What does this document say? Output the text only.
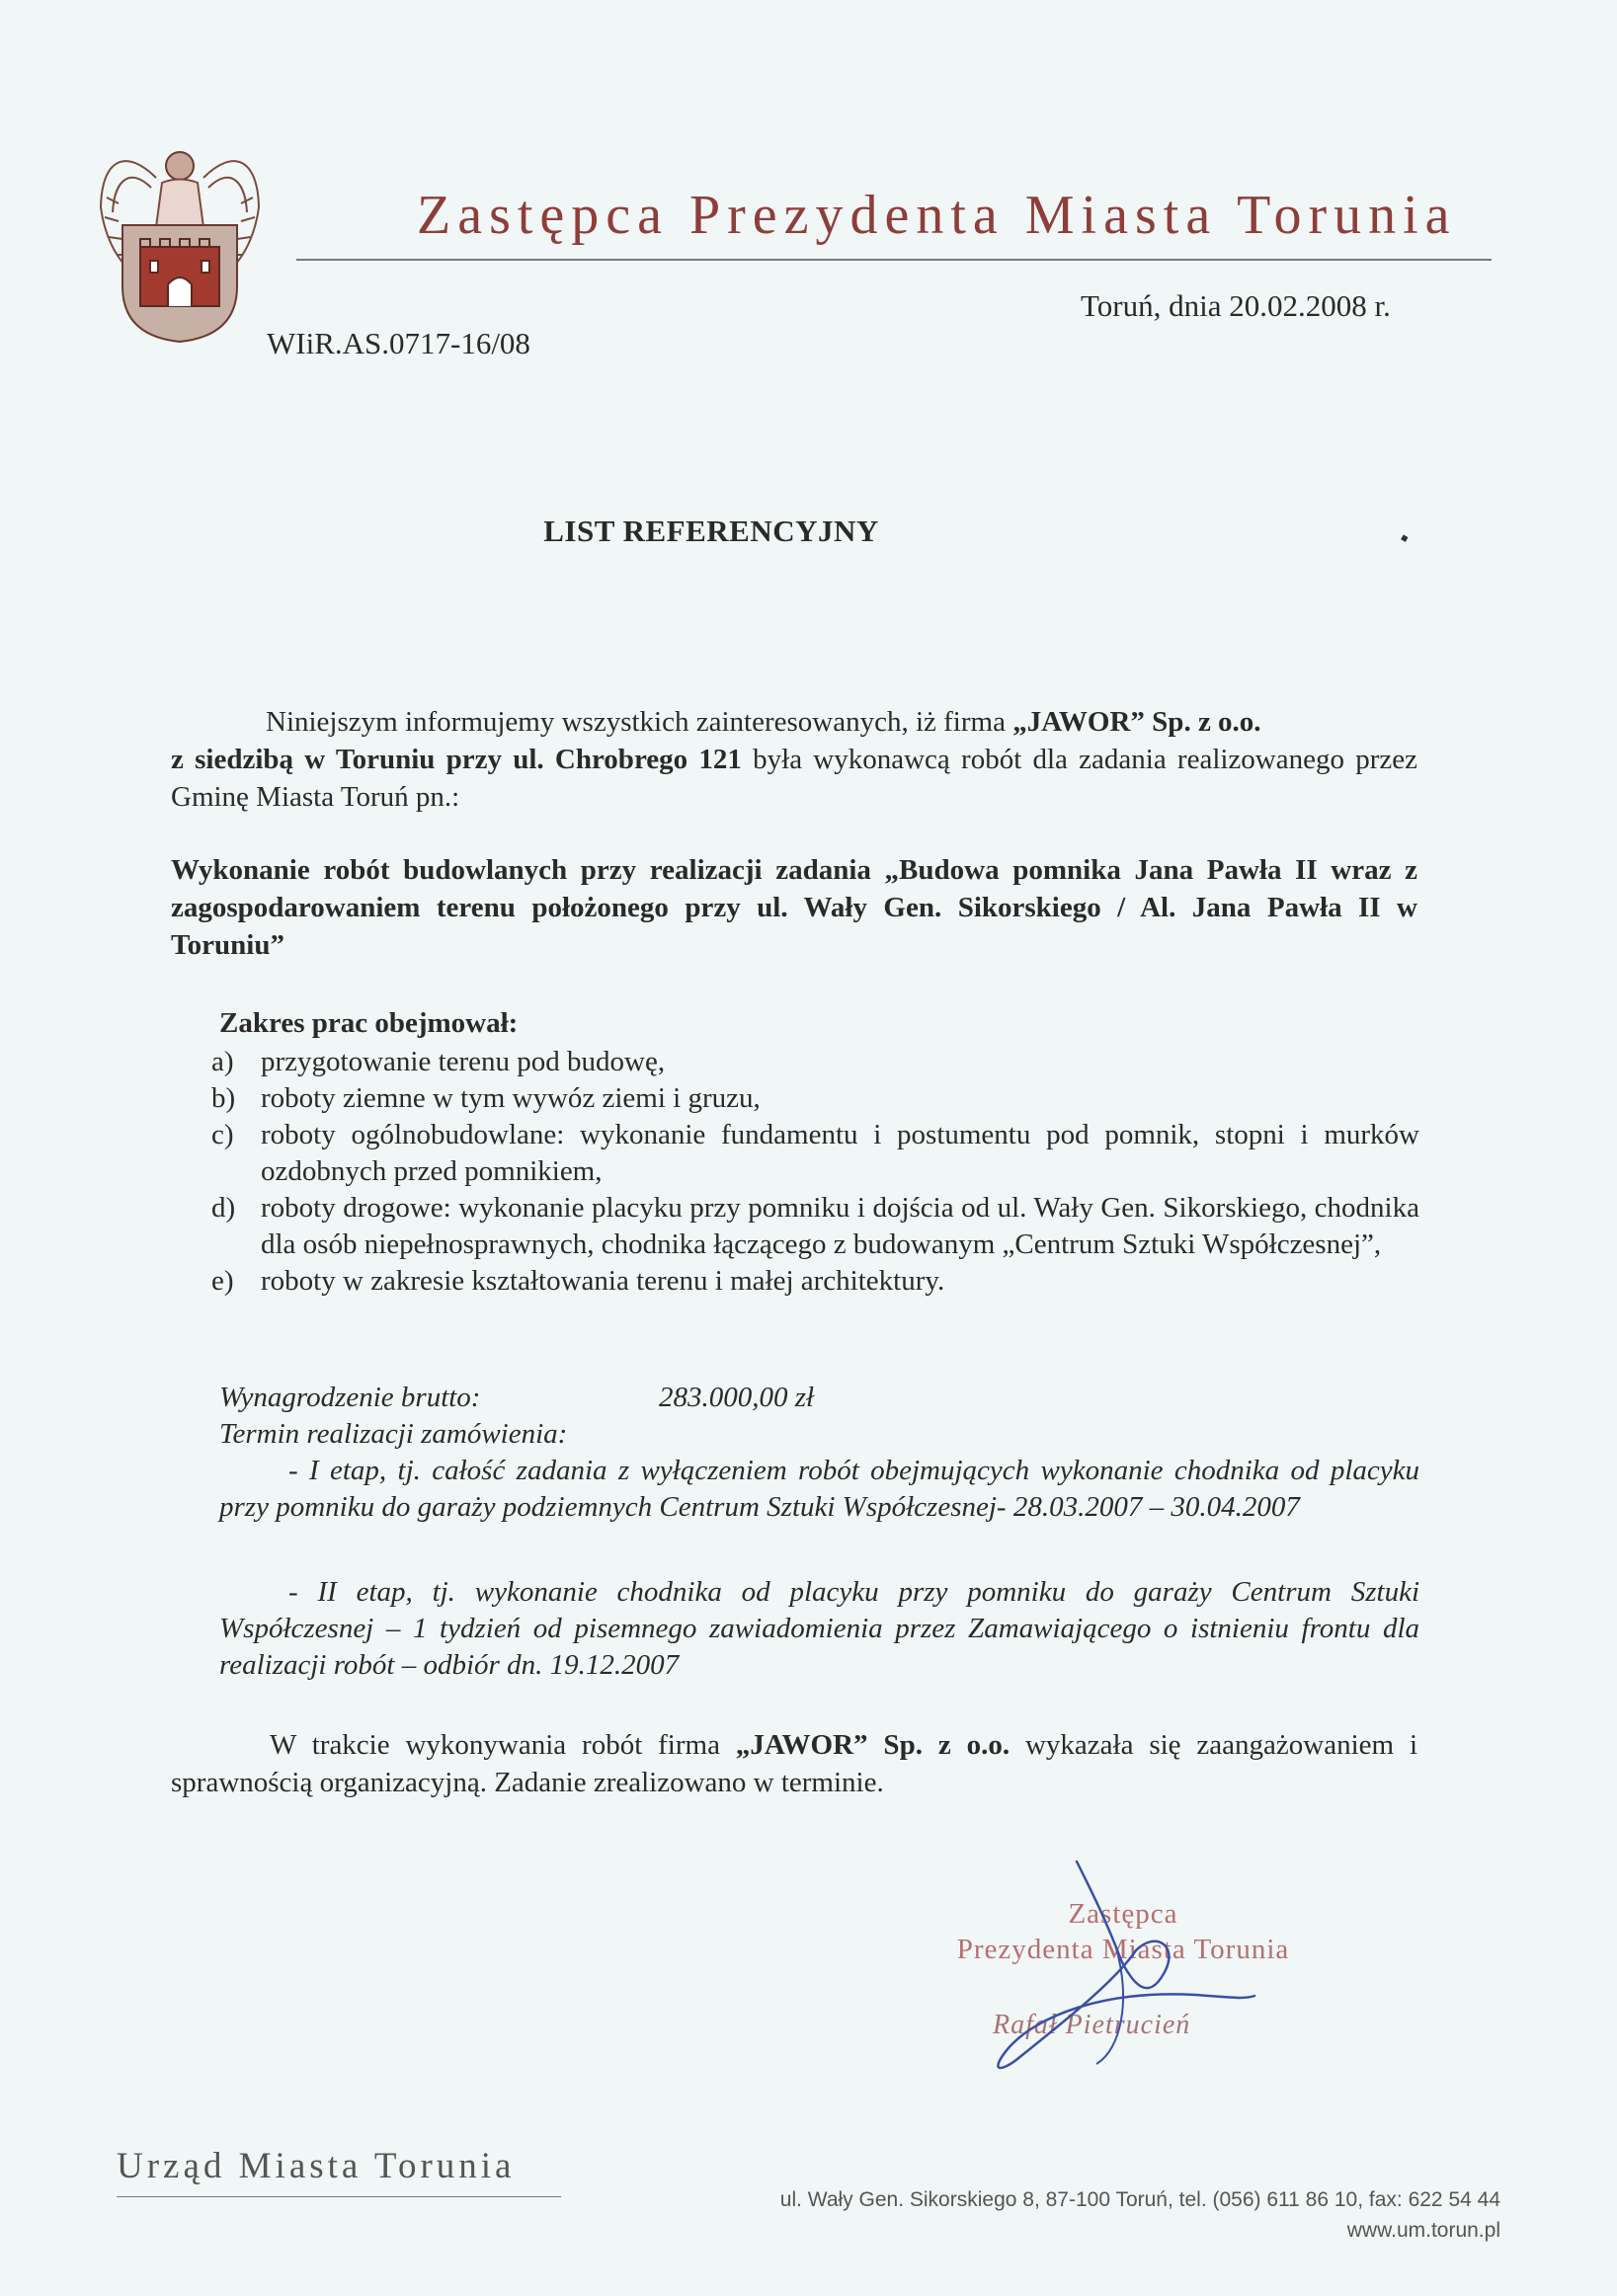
Zastępca Prezydenta Miasta Torunia
Toruń, dnia 20.02.2008 r.
WIiR.AS.0717-16/08
LIST REFERENCYJNY	▪
Niniejszym informujemy wszystkich zainteresowanych, iż firma „JAWOR” Sp. z o.o.
z siedzibą w Toruniu przy ul. Chrobrego 121 była wykonawcą robót dla zadania realizowanego przez Gminę Miasta Toruń pn.:
Wykonanie robót budowlanych przy realizacji zadania „Budowa pomnika Jana Pawła II wraz z zagospodarowaniem terenu położonego przy ul. Wały Gen. Sikorskiego / Al. Jana Pawła II w Toruniu”
Zakres prac obejmował:
a) przygotowanie terenu pod budowę,
b) roboty ziemne w tym wywóz ziemi i gruzu,
c) roboty ogólnobudowlane: wykonanie fundamentu i postumentu pod pomnik, stopni i murków ozdobnych przed pomnikiem,
d) roboty drogowe: wykonanie placyku przy pomniku i dojścia od ul. Wały Gen. Sikorskiego, chodnika dla osób niepełnosprawnych, chodnika łączącego z budowanym „Centrum Sztuki Współczesnej”,
e) roboty w zakresie kształtowania terenu i małej architektury.
Wynagrodzenie brutto:	283.000,00 zł
Termin realizacji zamówienia:
- I etap, tj. całość zadania z wyłączeniem robót obejmujących wykonanie chodnika od placyku przy pomniku do garaży podziemnych Centrum Sztuki Współczesnej- 28.03.2007 – 30.04.2007
- II etap, tj. wykonanie chodnika od placyku przy pomniku do garaży Centrum Sztuki Współczesnej – 1 tydzień od pisemnego zawiadomienia przez Zamawiającego o istnieniu frontu dla realizacji robót – odbiór dn. 19.12.2007
W trakcie wykonywania robót firma „JAWOR” Sp. z o.o. wykazała się zaangażowaniem i sprawnością organizacyjną. Zadanie zrealizowano w terminie.
Zastępca
Prezydenta Miasta Torunia
Rafał Pietrucień
Urząd Miasta Torunia
ul. Wały Gen. Sikorskiego 8, 87-100 Toruń, tel. (056) 611 86 10, fax: 622 54 44
www.um.torun.pl
